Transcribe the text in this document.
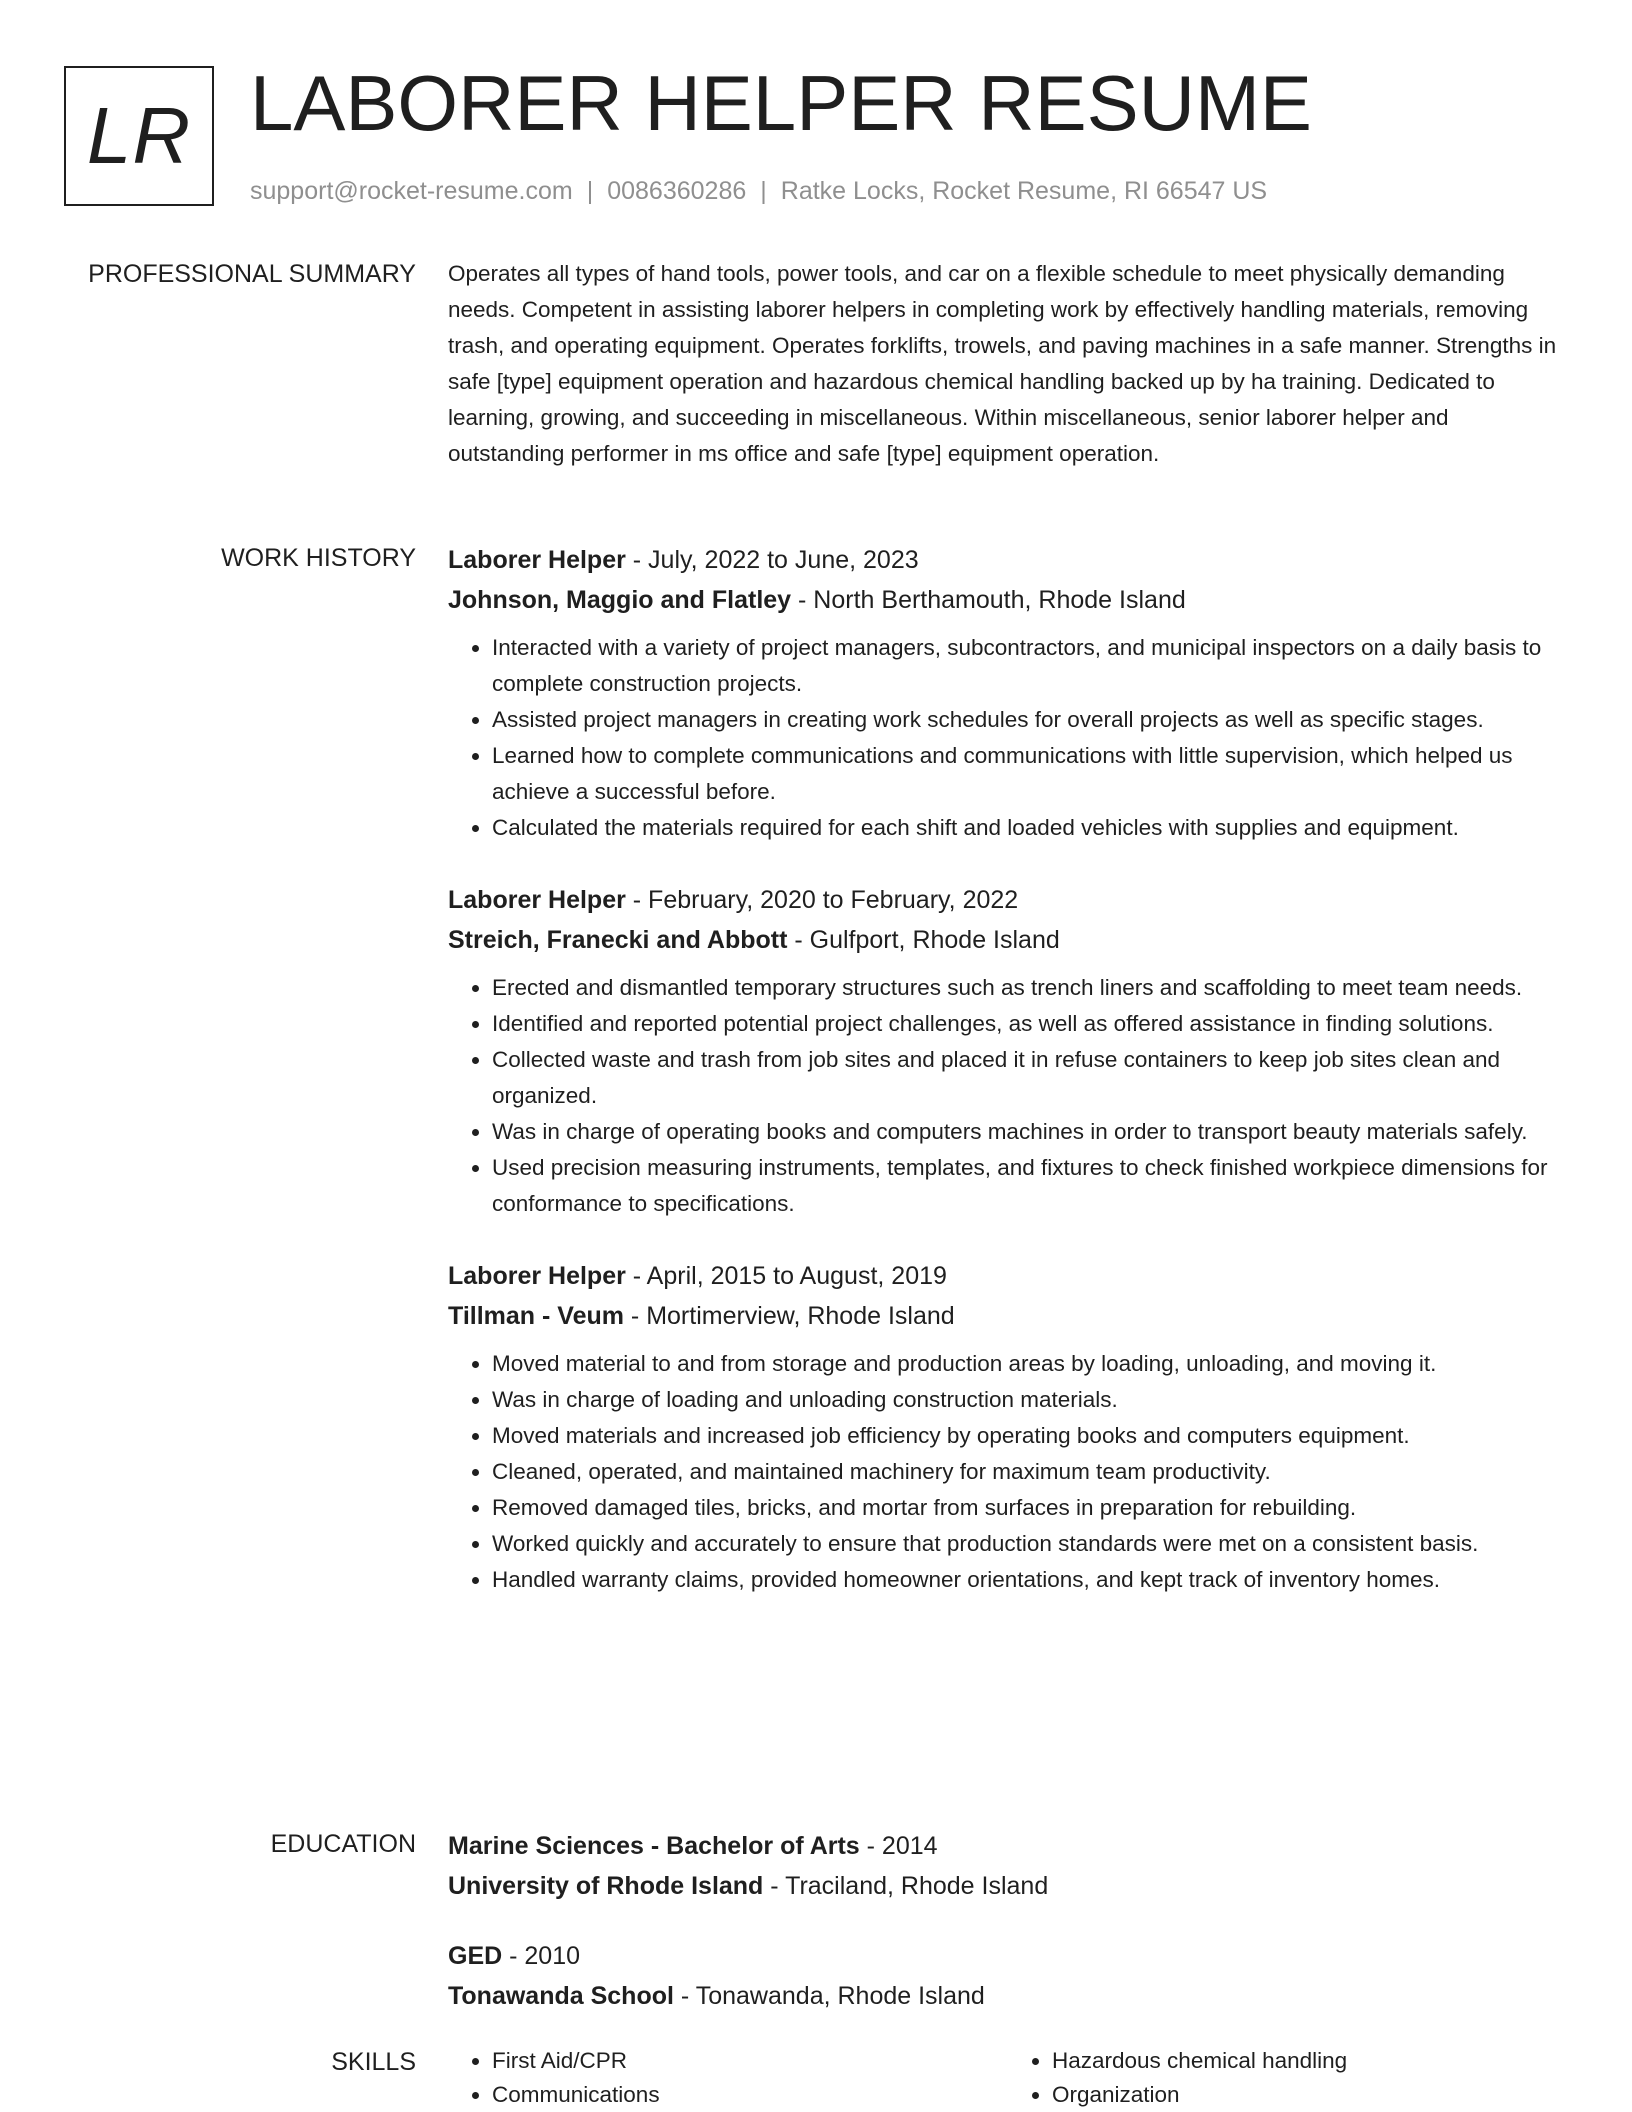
LR LABORER HELPER RESUME
support@rocket-resume.com | 0086360286 | Ratke Locks, Rocket Resume, RI 66547 US
PROFESSIONAL SUMMARY Operates all types of hand tools, power tools, and car on a flexible schedule to meet physically demanding needs. Competent in assisting laborer helpers in completing work by effectively handling materials, removing trash, and operating equipment. Operates forklifts, trowels, and paving machines in a safe manner. Strengths in safe [type] equipment operation and hazardous chemical handling backed up by ha training. Dedicated to learning, growing, and succeeding in miscellaneous. Within miscellaneous, senior laborer helper and outstanding performer in ms office and safe [type] equipment operation.

WORK HISTORY Laborer Helper - July, 2022 to June, 2023
Johnson, Maggio and Flatley - North Berthamouth, Rhode Island
• Interacted with a variety of project managers, subcontractors, and municipal inspectors on a daily basis to complete construction projects.
• Assisted project managers in creating work schedules for overall projects as well as specific stages.
• Learned how to complete communications and communications with little supervision, which helped us achieve a successful before.
• Calculated the materials required for each shift and loaded vehicles with supplies and equipment.
Laborer Helper - February, 2020 to February, 2022
Streich, Franecki and Abbott - Gulfport, Rhode Island
• Erected and dismantled temporary structures such as trench liners and scaffolding to meet team needs.
• Identified and reported potential project challenges, as well as offered assistance in finding solutions.
• Collected waste and trash from job sites and placed it in refuse containers to keep job sites clean and organized.
• Was in charge of operating books and computers machines in order to transport beauty materials safely.
• Used precision measuring instruments, templates, and fixtures to check finished workpiece dimensions for conformance to specifications.
Laborer Helper - April, 2015 to August, 2019
Tillman - Veum - Mortimerview, Rhode Island
• Moved material to and from storage and production areas by loading, unloading, and moving it.
• Was in charge of loading and unloading construction materials.
• Moved materials and increased job efficiency by operating books and computers equipment.
• Cleaned, operated, and maintained machinery for maximum team productivity.
• Removed damaged tiles, bricks, and mortar from surfaces in preparation for rebuilding.
• Worked quickly and accurately to ensure that production standards were met on a consistent basis.
• Handled warranty claims, provided homeowner orientations, and kept track of inventory homes.
EDUCATION Marine Sciences - Bachelor of Arts - 2014
University of Rhode Island - Traciland, Rhode Island
GED - 2010
Tonawanda School - Tonawanda, Rhode Island
SKILLS
•	First Aid/CPR
• Communications
• Hazardous chemical handling
• Organization
